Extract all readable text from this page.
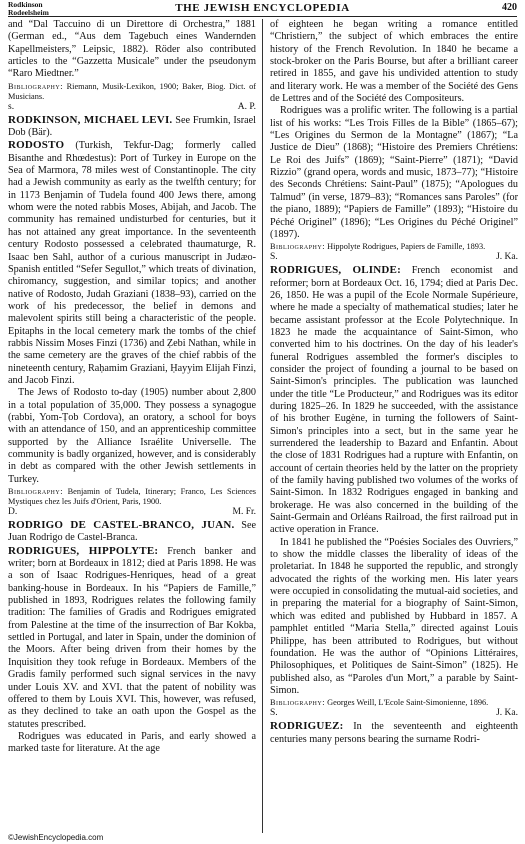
Rodkinson
Rodeelsheim	THE JEWISH ENCYCLOPEDIA	420

and “Dal Taccuino di un Direttore di Orchestra,” 1881 (German ed., “Aus dem Tagebuch eines Wandernden Kapellmeisters,” Leipsic, 1882). Röder also contributed articles to the “Gazzetta Musicale” under the pseudonym “Raro Miedtner.”

Bibliography: Riemann, Musik-Lexikon, 1900; Baker, Biog. Dict. of Musicians.
s.	A. P.

RODKINSON, MICHAEL LEVI. See Frumkin, Israel Dob (Bär).

RODOSTO (Turkish, Tekfur-Dag; formerly called Bisanthe and Rhœdestus): Port of Turkey in Europe on the Sea of Marmora, 78 miles west of Constantinople. The city had a Jewish community as early as the twelfth century; for in 1173 Benjamin of Tudela found 400 Jews there, among whom were the noted rabbis Moses, Abijah, and Jacob. The community has remained undisturbed for centuries, but it has not attained any great importance. In the seventeenth century Rodosto possessed a celebrated thaumaturge, R. Isaac ben Sahl, author of a curious manuscript in Judæo-Spanish entitled “Sefer Segullot,” which treats of divination, chiromancy, suggestion, and similar topics; and another native of Rodosto, Judah Graziani (1838–93), carried on the work of his predecessor, the belief in demons and malevolent spirits still being a characteristic of the people. Epitaphs in the local cemetery mark the tombs of the chief rabbis Nissim Moses Finzi (1736) and Ẓebi Nathan, while in the same cemetery are the graves of the chief rabbis of the nineteenth century, Raḥamim Graziani, Ḥayyim Elijah Finzi, and Jacob Finzi.

The Jews of Rodosto to-day (1905) number about 2,800 in a total population of 35,000. They possess a synagogue (rabbi, Yom-Ṭob Cordova), an oratory, a school for boys with an attendance of 150, and an apprenticeship committee supported by the Alliance Israélite Universelle. The community is badly organized, however, and is considerably in debt as compared with the other Jewish settlements in Turkey.

Bibliography: Benjamin of Tudela, Itinerary; Franco, Les Sciences Mystiques chez les Juifs d'Orient, Paris, 1900.
D.	M. Fr.

RODRIGO DE CASTEL-BRANCO, JUAN. See Juan Rodrigo de Castel-Branca.

RODRIGUES, HIPPOLYTE: French banker and writer; born at Bordeaux in 1812; died at Paris 1898. He was a son of Isaac Rodrigues-Henriques, head of a great banking-house in Bordeaux. In his “Papiers de Famille,” published in 1893, Rodrigues relates the following family tradition: The families of Gradis and Rodrigues emigrated from Palestine at the time of the insurrection of Bar Kokba, settled in Portugal, and later in Spain, under the dominion of the Moors. After being driven from their homes by the Inquisition they took refuge in Bordeaux. Members of the Gradis family performed such signal services in the navy under Louis XV. and XVI. that the patent of nobility was offered to them by Louis XVI. This, however, was refused, as they declined to take an oath upon the Gospel as the statutes prescribed.

Rodrigues was educated in Paris, and early showed a marked taste for literature. At the age

of eighteen he began writing a romance entitled “Christiern,” the subject of which embraces the entire history of the French Revolution. In 1840 he became a stock-broker on the Paris Bourse, but after a brilliant career retired in 1855, and gave his undivided attention to study and literary work. He was a member of the Société des Gens de Lettres and of the Société des Compositeurs.

Rodrigues was a prolific writer. The following is a partial list of his works: “Les Trois Filles de la Bible” (1865–67); “Les Origines du Sermon de la Montagne” (1867); “La Justice de Dieu” (1868); “Histoire des Premiers Chrétiens: Le Roi des Juifs” (1869); “Saint-Pierre” (1871); “David Rizzio” (grand opera, words and music, 1873–77); “Histoire des Seconds Chrétiens: Saint-Paul” (1875); “Apologues du Talmud” (in verse, 1879–83); “Romances sans Paroles” (for the piano, 1889); “Papiers de Famille” (1893); “Histoire du Péché Originel” (1896); “Les Origines du Péché Originel” (1897).

Bibliography: Hippolyte Rodrigues, Papiers de Famille, 1893.
S.	J. Ka.

RODRIGUES, OLINDE: French economist and reformer; born at Bordeaux Oct. 16, 1794; died at Paris Dec. 26, 1850. He was a pupil of the Ecole Normale Supérieure, where he made a specialty of mathematical studies; later he became assistant professor at the Ecole Polytechnique. In 1823 he made the acquaintance of Saint-Simon, who converted him to his doctrines. On the day of his leader's funeral Rodrigues assembled the former's disciples to consider the project of founding a journal to be based on Saint-Simon's principles. The publication was launched under the title “Le Producteur,” and Rodrigues was its editor during 1825–26. In 1829 he succeeded, with the assistance of his brother Eugène, in turning the followers of Saint-Simon's principles into a sect, but in the same year he surrendered the leadership to Bazard and Enfantin. About the close of 1831 Rodrigues had a rupture with Enfantin, on account of certain theories held by the latter on the propriety of the family having published two volumes of the works of Saint-Simon. In 1832 Rodrigues engaged in banking and brokerage. He was also concerned in the building of the Saint-Germain and Orléans Railroad, the first railroad put in active operation in France.

In 1841 he published the “Poésies Sociales des Ouvriers,” to show the middle classes the liberality of ideas of the proletariat. In 1848 he supported the republic, and strongly advocated the rights of the working men. His later years were occupied in consolidating the mutual-aid societies, and in preparing the material for a biography of Saint-Simon, which was edited and published by Hubbard in 1857. A pamphlet entitled “Maria Stella,” directed against Louis Philippe, has been attributed to Rodrigues, but without foundation. He was the author of “Opinions Littéraires, Philosophiques, et Politiques de Saint-Simon” (1825). He published also, as “Paroles d'un Mort,” a parable by Saint-Simon.

Bibliography: Georges Weill, L'Ecole Saint-Simonienne, 1896.
S.	J. Ka.

RODRIGUEZ: In the seventeenth and eighteenth centuries many persons bearing the surname Rodri-

©JewishEncyclopedia.com
